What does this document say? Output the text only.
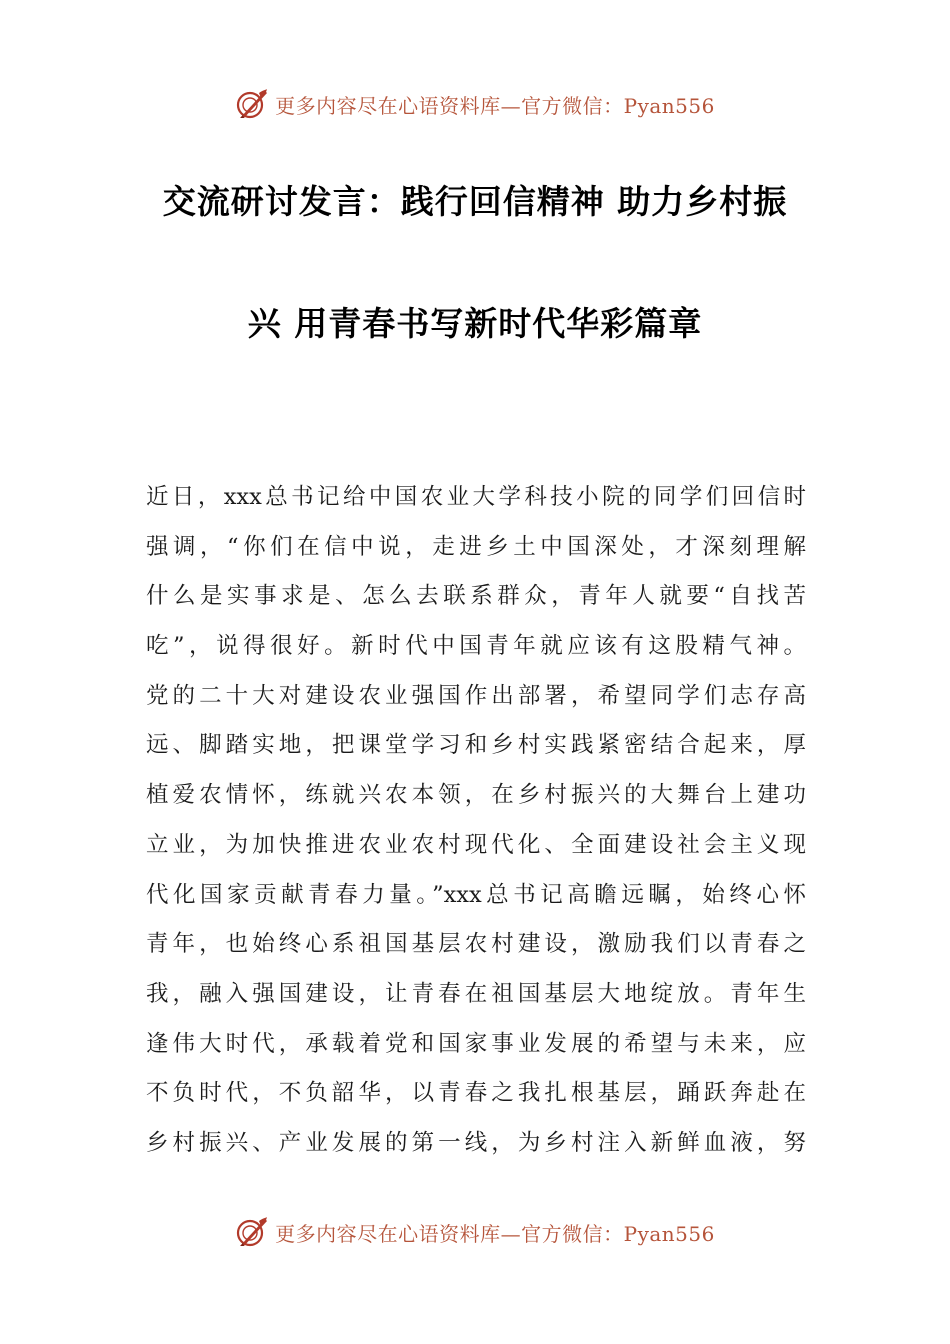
更多内容尽在心语资料库—官方微信：Pyan556
交流研讨发言：践行回信精神 助力乡村振
兴 用青春书写新时代华彩篇章
近日，xxx总书记给中国农业大学科技小院的同学们回信时
强调，“你们在信中说，走进乡土中国深处，才深刻理解
什么是实事求是、怎么去联系群众，青年人就要“自找苦
吃”，说得很好。新时代中国青年就应该有这股精气神。
党的二十大对建设农业强国作出部署，希望同学们志存高
远、脚踏实地，把课堂学习和乡村实践紧密结合起来，厚
植爱农情怀，练就兴农本领，在乡村振兴的大舞台上建功
立业，为加快推进农业农村现代化、全面建设社会主义现
代化国家贡献青春力量。”xxx总书记高瞻远瞩，始终心怀
青年，也始终心系祖国基层农村建设，激励我们以青春之
我，融入强国建设，让青春在祖国基层大地绽放。青年生
逢伟大时代，承载着党和国家事业发展的希望与未来，应
不负时代，不负韶华，以青春之我扎根基层，踊跃奔赴在
乡村振兴、产业发展的第一线，为乡村注入新鲜血液，努
更多内容尽在心语资料库—官方微信：Pyan556
